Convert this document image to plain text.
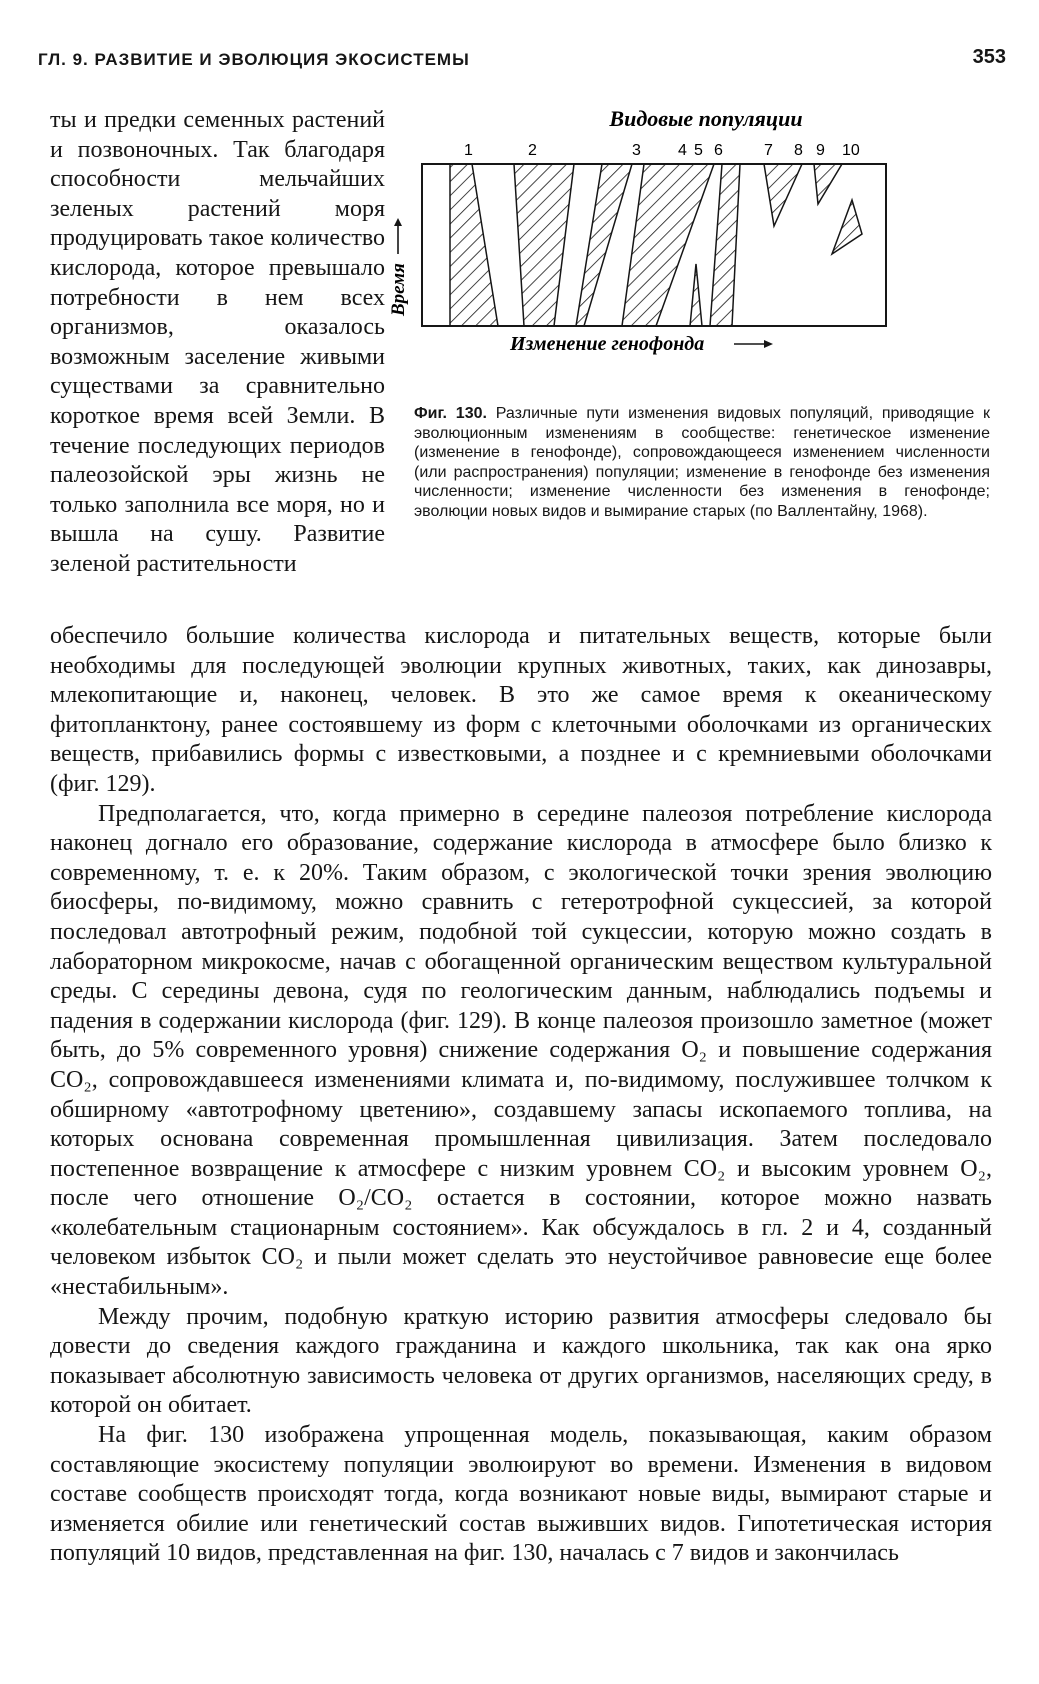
ГЛ. 9. РАЗВИТИЕ И ЭВОЛЮЦИЯ ЭКОСИСТЕМЫ	353
ты и предки семенных растений и позвоночных. Так благодаря способности мельчайших зеленых растений моря продуцировать такое количество кислорода, которое превышало потребности в нем всех организмов, оказалось возможным заселение живыми существами за сравнительно короткое время всей Земли. В течение последующих периодов палеозойской эры жизнь не только заполнила все моря, но и вышла на сушу. Развитие зеленой растительности
Видовые популяции
1	2	3 4 5 6	7 8 9 10
Время
Изменение генофонда
Фиг. 130. Различные пути изменения видовых популяций, приводящие к эволюционным изменениям в сообществе: генетическое изменение (изменение в генофонде), сопровождающееся изменением численности (или распространения) популяции; изменение в генофонде без изменения численности; изменение численности без изменения в генофонде; эволюции новых видов и вымирание старых (по Валлентайну, 1968).

обеспечило большие количества кислорода и питательных веществ, которые были необходимы для последующей эволюции крупных животных, таких, как динозавры, млекопитающие и, наконец, человек. В это же самое время к океаническому фитопланктону, ранее состоявшему из форм с клеточными оболочками из органических веществ, прибавились формы с известковыми, а позднее и с кремниевыми оболочками (фиг. 129).

Предполагается, что, когда примерно в середине палеозоя потребление кислорода наконец догнало его образование, содержание кислорода в атмосфере было близко к современному, т. е. к 20%. Таким образом, с экологической точки зрения эволюцию биосферы, по-видимому, можно сравнить с гетеротрофной сукцессией, за которой последовал автотрофный режим, подобной той сукцессии, которую можно создать в лабораторном микрокосме, начав с обогащенной органическим веществом культуральной среды. С середины девона, судя по геологическим данным, наблюдались подъемы и падения в содержании кислорода (фиг. 129). В конце палеозоя произошло заметное (может быть, до 5% современного уровня) снижение содержания O₂ и повышение содержания CO₂, сопровождавшееся изменениями климата и, по-видимому, послужившее толчком к обширному «автотрофному цветению», создавшему запасы ископаемого топлива, на которых основана современная промышленная цивилизация. Затем последовало постепенное возвращение к атмосфере с низким уровнем CO₂ и высоким уровнем O₂, после чего отношение O₂/CO₂ остается в состоянии, которое можно назвать «колебательным стационарным состоянием». Как обсуждалось в гл. 2 и 4, созданный человеком избыток CO₂ и пыли может сделать это неустойчивое равновесие еще более «нестабильным».

Между прочим, подобную краткую историю развития атмосферы следовало бы довести до сведения каждого гражданина и каждого школьника, так как она ярко показывает абсолютную зависимость человека от других организмов, населяющих среду, в которой он обитает.

На фиг. 130 изображена упрощенная модель, показывающая, каким образом составляющие экосистему популяции эволюируют во времени. Изменения в видовом составе сообществ происходят тогда, когда возникают новые виды, вымирают старые и изменяется обилие или генетический состав выживших видов. Гипотетическая история популяций 10 видов, представленная на фиг. 130, началась с 7 видов и закончилась
